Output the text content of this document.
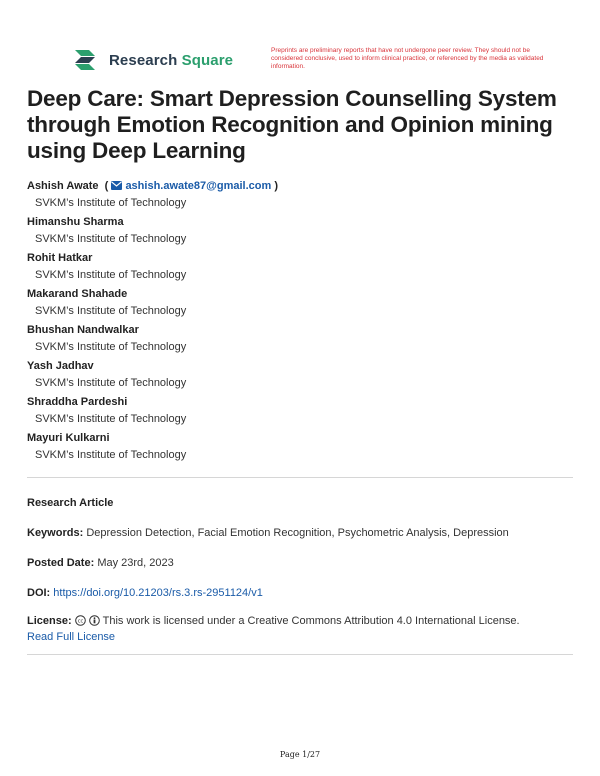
Research Square
Preprints are preliminary reports that have not undergone peer review. They should not be considered conclusive, used to inform clinical practice, or referenced by the media as validated information.
Deep Care: Smart Depression Counselling System through Emotion Recognition and Opinion mining using Deep Learning
Ashish Awate  (  ashish.awate87@gmail.com )
SVKM’s Institute of Technology
Himanshu Sharma
SVKM’s Institute of Technology
Rohit Hatkar
SVKM’s Institute of Technology
Makarand Shahade
SVKM’s Institute of Technology
Bhushan Nandwalkar
SVKM’s Institute of Technology
Yash Jadhav
SVKM’s Institute of Technology
Shraddha Pardeshi
SVKM’s Institute of Technology
Mayuri Kulkarni
SVKM’s Institute of Technology
Research Article
Keywords: Depression Detection, Facial Emotion Recognition, Psychometric Analysis, Depression
Posted Date: May 23rd, 2023
DOI: https://doi.org/10.21203/rs.3.rs-2951124/v1
License: cc This work is licensed under a Creative Commons Attribution 4.0 International License.
Read Full License
Page 1/27
